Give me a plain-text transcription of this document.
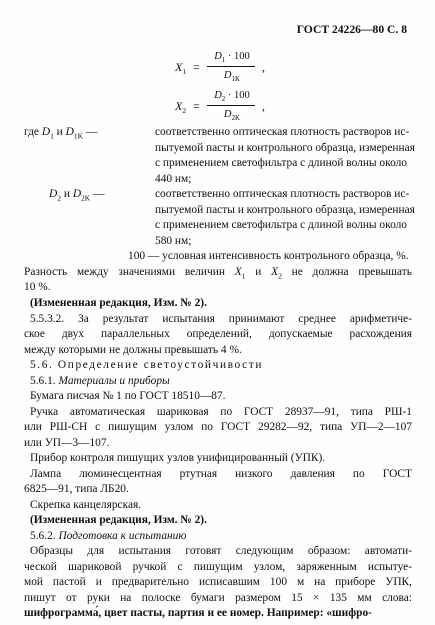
ГОСТ 24226—80 С. 8
$X_1$ =
$D_1 \cdot 100$
$D_{1K}$
,
$X_2$ =
$D_2 \cdot 100$
$D_{2K}$
,
где $D_1$ и $D_{1K}$ —	соответственно оптическая плотность растворов ис-
пытуемой пасты и контрольного образца, измеренная
с применением светофильтра с длиной волны около
440 нм;
$D_2$ и $D_{2K}$ —	соответственно оптическая плотность растворов ис-
пытуемой пасты и контрольного образца, измеренная
с применением светофильтра с длиной волны около
580 нм;
100 — условная интенсивность контрольного образца, %.
Разность между значениями величин $X_1$ и $X_2$ не должна превышать
10 %.
(Измененная редакция, Изм. № 2).
5.5.3.2. За результат испытания принимают среднее арифметиче-
ское двух параллельных определений, допускаемые расхождения
между которыми не должны превышать 4 %.
5.6. Определение светоустойчивости
5.6.1. Материалы и приборы
Бумага писчая № 1 по ГОСТ 18510—87.
Ручка автоматическая шариковая по ГОСТ 28937—91, типа РШ-1
или РШ-СН с пишущим узлом по ГОСТ 29282—92, типа УП—2—107
или УП—3—107.
Прибор контроля пишущих узлов унифицированный (УПК).
Лампа люминесцентная ртутная низкого давления по ГОСТ
6825—91, типа ЛБ20.
Скрепка канцелярская.
(Измененная редакция, Изм. № 2).
5.6.2. Подготовка к испытанию
Образцы для испытания готовят следующим образом: автомати-
ческой шариковой ручкой с пишущим узлом, заряженным испытуе-
мой пастой и предварительно исписавшим 100 м на приборе УПК,
пишут от руки на полоске бумаги размером 15 × 135 мм слова:
шифрограмма́, цвет пасты, партия и ее номер. Например: «шифро-
